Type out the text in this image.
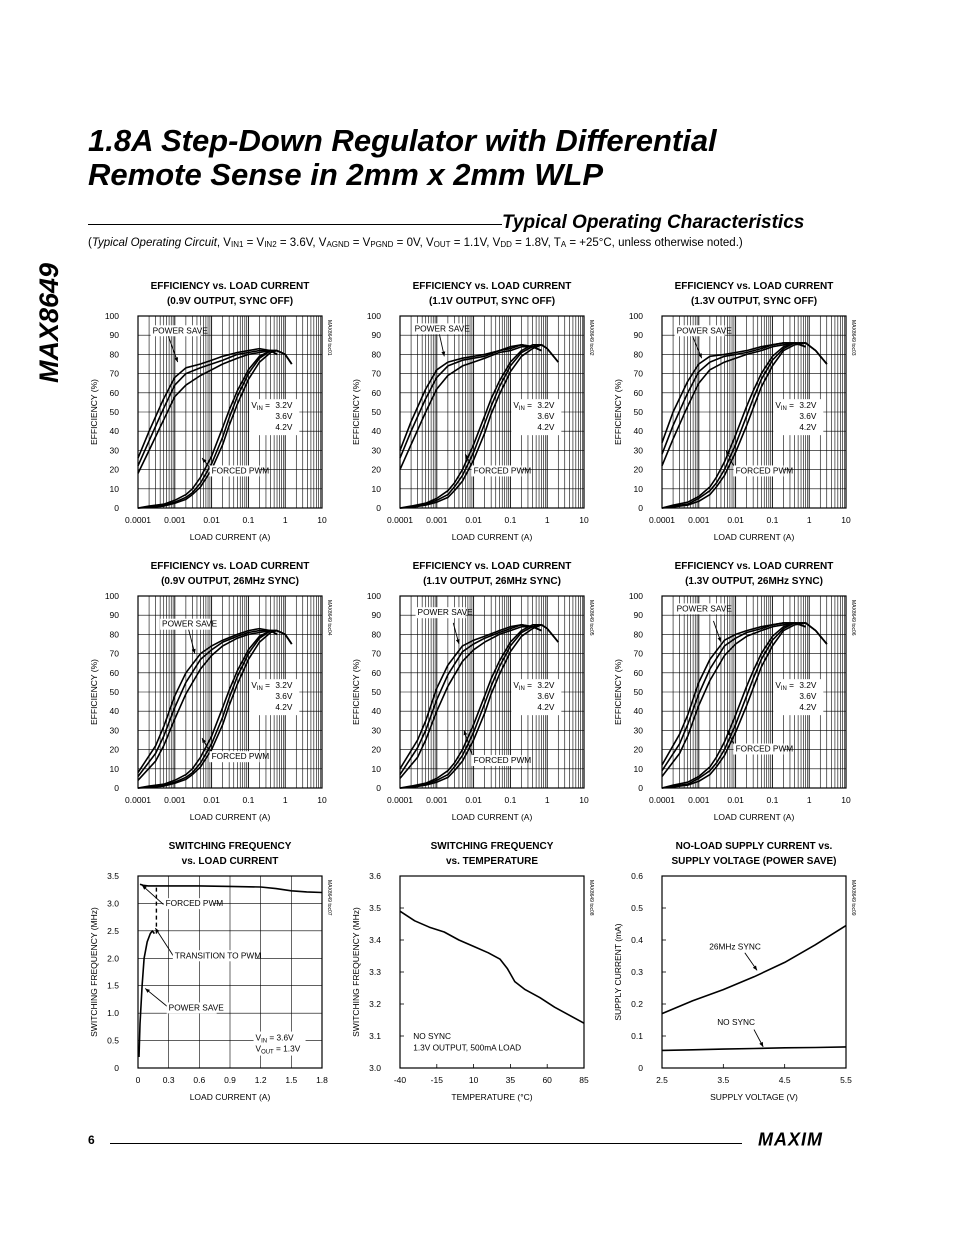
MAX8649
1.8A Step-Down Regulator with Differential
Remote Sense in 2mm x 2mm WLP
Typical Operating Characteristics
(Typical Operating Circuit, $V_{IN1} = V_{IN2} = 3.6V$, $V_{AGND} = V_{PGND} = 0V$, $V_{OUT} = 1.1V$, $V_{DD} = 1.8V$, $T_A = +25^\circ C$, unless otherwise noted.)
EFFICIENCY vs. LOAD CURRENT
(0.9V OUTPUT, SYNC OFF)
0.0001 0.001 0.01	0.1	1	10
0
10
20
30
40
50
60
70
80
90
100
LOAD CURRENT (A)
EFFICIENCY (%)
MAX8649 toc01
POWER SAVE
FORCED PWM
$V_{IN} = 3.2V$
3.6V
4.2V
EFFICIENCY vs. LOAD CURRENT
(1.1V OUTPUT, SYNC OFF)
0.0001 0.001 0.01	0.1	1	10
0
10
20
30
40
50
60
70
80
90
100
LOAD CURRENT (A)
EFFICIENCY (%)
MAX8649 toc02
POWER SAVE
FORCED PWM
$V_{IN} = 3.2V$
3.6V
4.2V
EFFICIENCY vs. LOAD CURRENT
(1.3V OUTPUT, SYNC OFF)
0.0001 0.001 0.01	0.1	1	10
0
10
20
30
40
50
60
70
80
90
100
LOAD CURRENT (A)
EFFICIENCY (%)
MAX8649 toc03
POWER SAVE
FORCED PWM
$V_{IN} = 3.2V$
3.6V
4.2V
EFFICIENCY vs. LOAD CURRENT
(0.9V OUTPUT, 26MHz SYNC)
0.0001 0.001 0.01	0.1	1	10
0
10
20
30
40
50
60
70
80
90
100
LOAD CURRENT (A)
EFFICIENCY (%)
MAX8649 toc04
POWER SAVE
FORCED PWM
$V_{IN} = 3.2V$
3.6V
4.2V
EFFICIENCY vs. LOAD CURRENT
(1.1V OUTPUT, 26MHz SYNC)
0.0001 0.001 0.01	0.1	1	10
0
10
20
30
40
50
60
70
80
90
100
LOAD CURRENT (A)
EFFICIENCY (%)
MAX8649 toc05
POWER SAVE
FORCED PWM
$V_{IN} = 3.2V$
3.6V
4.2V
EFFICIENCY vs. LOAD CURRENT
(1.3V OUTPUT, 26MHz SYNC)
0.0001 0.001 0.01	0.1	1	10
0
10
20
30
40
50
60
70
80
90
100
LOAD CURRENT (A)
EFFICIENCY (%)
MAX8649 toc06
POWER SAVE
FORCED PWM
$V_{IN} = 3.2V$
3.6V
4.2V
SWITCHING FREQUENCY
vs. LOAD CURRENT
0	0.3 0.6 0.9 1.2 1.5 1.8
0
0.5
1.0
1.5
2.0
2.5
3.0
3.5
LOAD CURRENT (A)
SWITCHING FREQUENCY (MHz)
MAX8649 toc07
FORCED PWM
TRANSITION TO PWM
POWER SAVE
$V_{IN} = 3.6V$
$V_{OUT} = 1.3V$
SWITCHING FREQUENCY
vs. TEMPERATURE
-40	-15	10	35	60	85
3.0
3.1
3.2
3.3
3.4
3.5
3.6
TEMPERATURE (°C)
SWITCHING FREQUENCY (MHz)
MAX8649 toc08
NO SYNC
1.3V OUTPUT, 500mA LOAD
NO-LOAD SUPPLY CURRENT vs.
SUPPLY VOLTAGE (POWER SAVE)
2.5	3.5	4.5	5.5
0
0.1
0.2
0.3
0.4
0.5
0.6
SUPPLY VOLTAGE (V)
SUPPLY CURRENT (mA)
MAX8649 toc09
26MHz SYNC
NO SYNC
6	MAXIM
